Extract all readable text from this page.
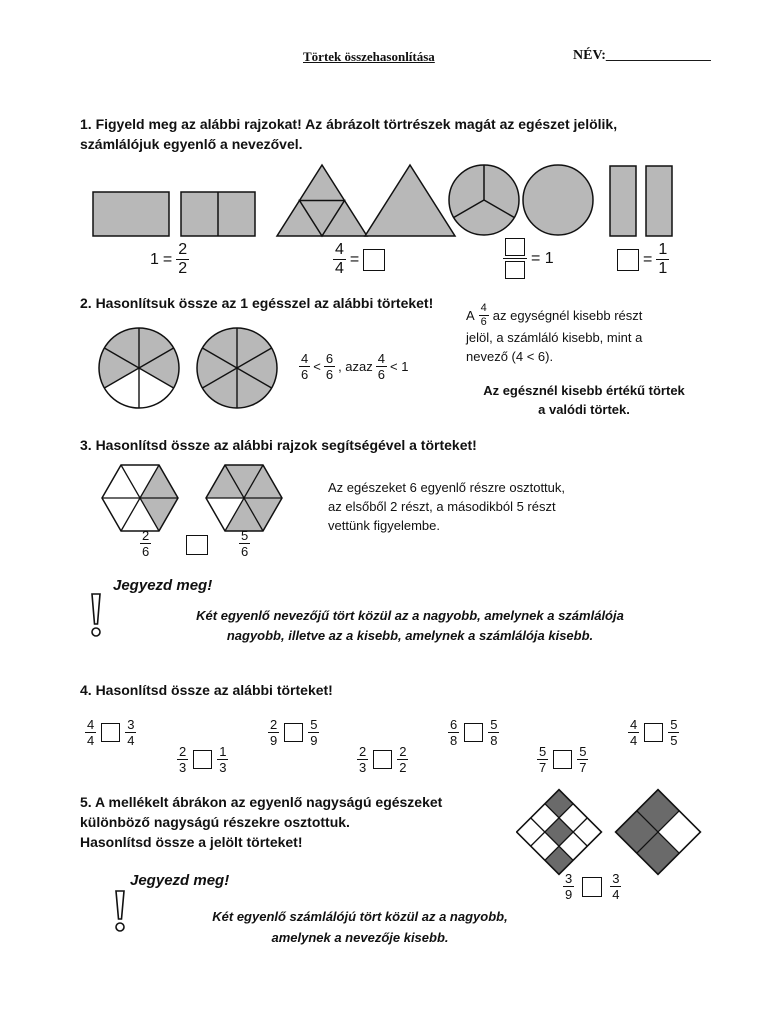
Törtek összehasonlítása	NÉV:_______________
1. Figyeld meg az alábbi rajzokat! Az ábrázolt törtrészek magát az egészet jelölik,
számlálójuk egyenlő a nevezővel.
$1 = \frac{2}{2}$	$\frac{4}{4}$ =	= 1	= $\frac{1}{1}$
2. Hasonlítsuk össze az 1 egésszel az alábbi törteket!
$\frac{4}{6} < \frac{6}{6}$ , azaz $\frac{4}{6} < 1$
A $\frac{4}{6}$ az egységnél kisebb részt
jelöl, a számláló kisebb, mint a
nevező (4 < 6).
Az egésznél kisebb értékű törtek
a valódi törtek.
3. Hasonlítsd össze az alábbi rajzok segítségével a törteket!
$\frac{2}{6}$	$\frac{5}{6}$
Az egészeket 6 egyenlő részre osztottuk,
az elsőből 2 részt, a másodikból 5 részt
vettünk figyelembe.
Jegyezd meg!
Két egyenlő nevezőjű tört közül az a nagyobb, amelynek a számlálója
nagyobb, illetve az a kisebb, amelynek a számlálója kisebb.
4. Hasonlítsd össze az alábbi törteket!
$\frac{4}{4} \frac{3}{4}$	$\frac{2}{9} \frac{5}{9}$	$\frac{6}{8} \frac{5}{8}$	$\frac{4}{4} \frac{5}{5}$
$\frac{2}{3} \frac{1}{3}$	$\frac{2}{3} \frac{2}{2}$	$\frac{5}{7} \frac{5}{7}$
5. A mellékelt ábrákon az egyenlő nagyságú egészeket
különböző nagyságú részekre osztottuk.
Hasonlítsd össze a jelölt törteket!
$\frac{3}{9}$	$\frac{3}{4}$
Jegyezd meg!
Két egyenlő számlálójú tört közül az a nagyobb,
amelynek a nevezője kisebb.
